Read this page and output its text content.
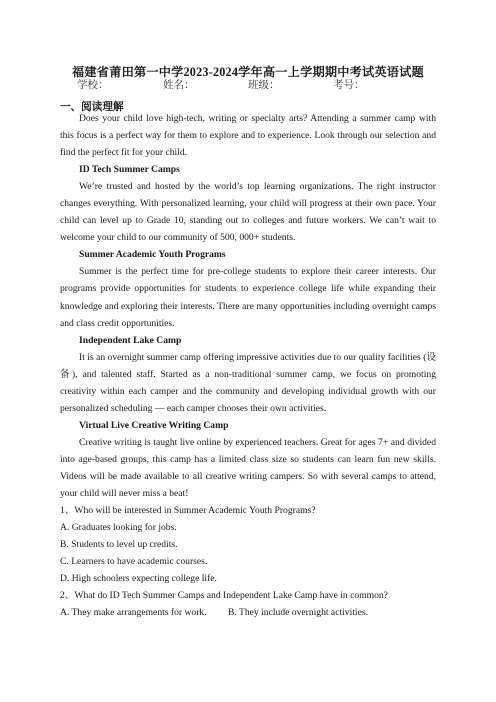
福建省莆田第一中学2023-2024学年高一上学期期中考试英语试题
学校：	姓名：	班级：	考号：
一、阅读理解

Does your child love high-tech, writing or specialty arts? Attending a summer camp with this focus is a perfect way for them to explore and to experience. Look through our selection and find the perfect fit for your child.

ID Tech Summer Camps

We’re trusted and hosted by the world’s top learning organizations. The right instructor changes everything. With personalized learning, your child will progress at their own pace. Your child can level up to Grade 10, standing out to colleges and future workers. We can’t wait to welcome your child to our community of 500, 000+ students.

Summer Academic Youth Programs

Summer is the perfect time for pre-college students to explore their career interests. Our programs provide opportunities for students to experience college life while expanding their knowledge and exploring their interests. There are many opportunities including overnight camps and class credit opportunities.

Independent Lake Camp

It is an overnight summer camp offering impressive activities due to our quality facilities (设备), and talented staff. Started as a non-traditional summer camp, we focus on promoting creativity within each camper and the community and developing individual growth with our personalized scheduling — each camper chooses their own activities.

Virtual Live Creative Writing Camp

Creative writing is taught live online by experienced teachers. Great for ages 7+ and divided into age-based groups, this camp has a limited class size so students can learn fun new skills. Videos will be made available to all creative writing campers. So with several camps to attend, your child will never miss a beat!

1、Who will be interested in Summer Academic Youth Programs?

A. Graduates looking for jobs.

B. Students to level up credits.

C. Learners to have academic courses.

D. High schoolers expecting college life.

2、What do ID Tech Summer Camps and Independent Lake Camp have in common?

A. They make arrangements for work.	B. They include overnight activities.
